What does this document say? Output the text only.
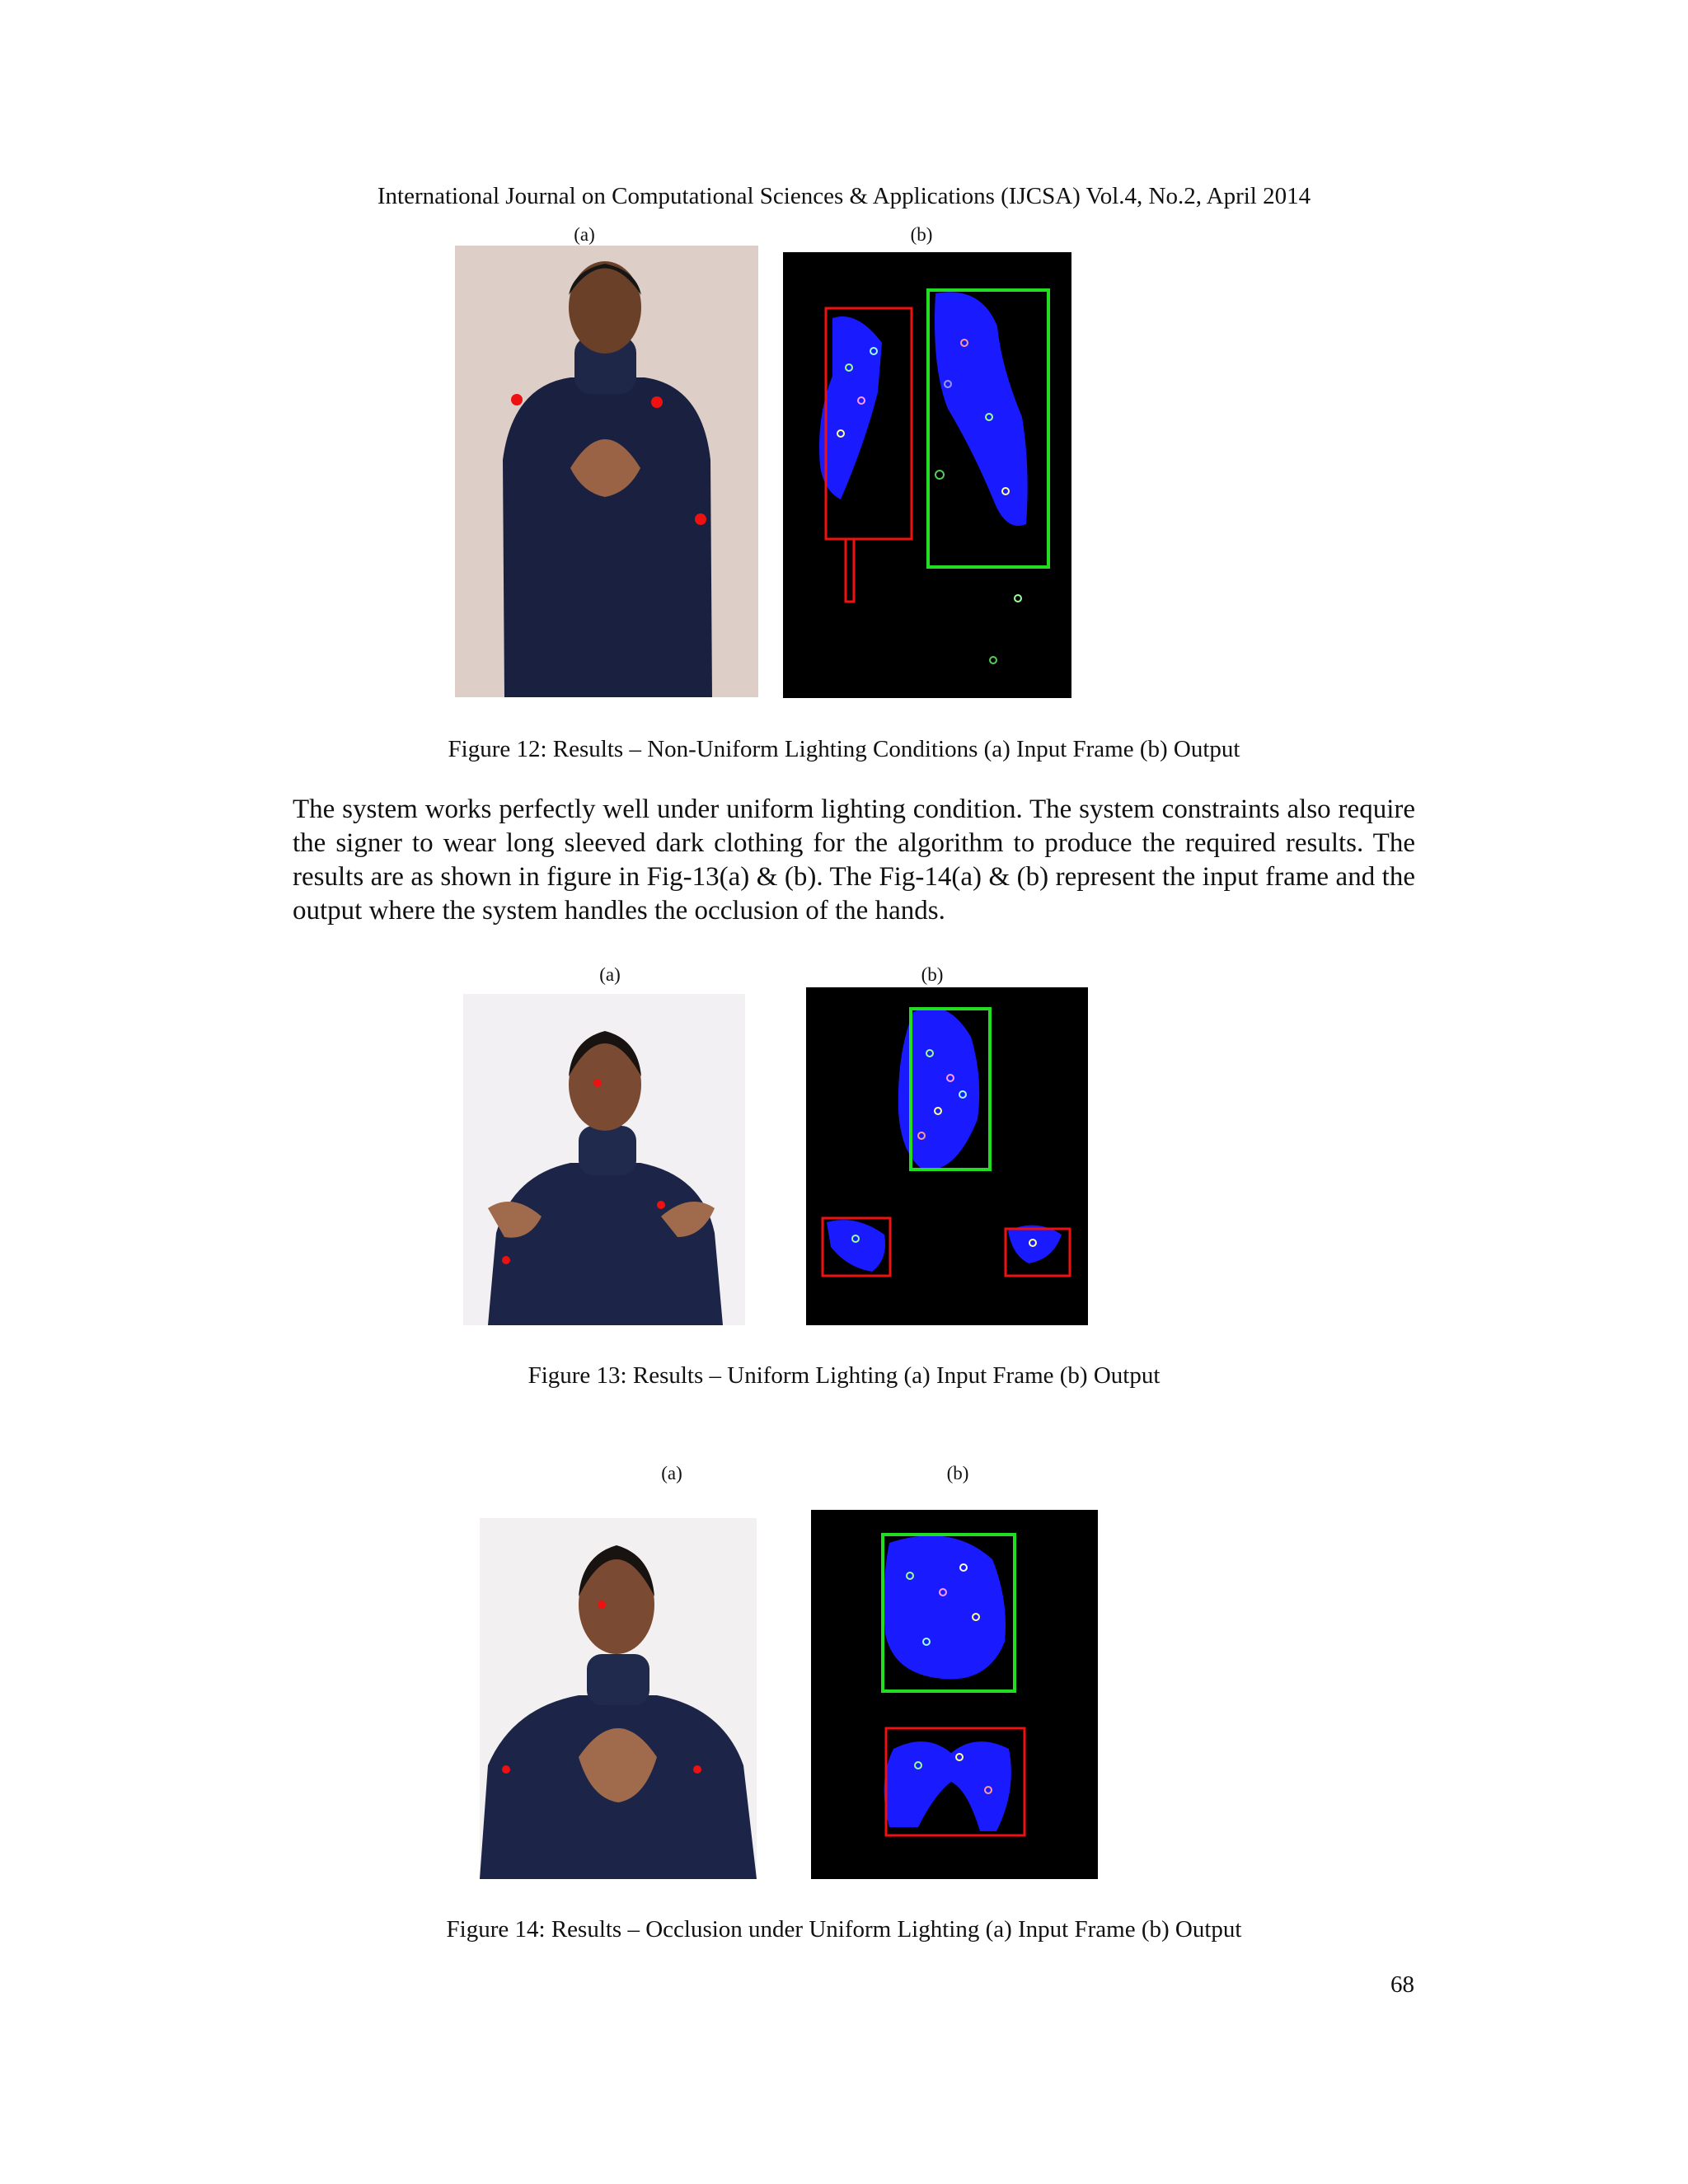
International Journal on Computational Sciences & Applications (IJCSA) Vol.4, No.2, April 2014
(a)	(b)
Figure 12: Results – Non-Uniform Lighting Conditions (a) Input Frame (b) Output
The system works perfectly well under uniform lighting condition. The system constraints also require the signer to wear long sleeved dark clothing for the algorithm to produce the required results. The results are as shown in figure in Fig-13(a) & (b). The Fig-14(a) & (b) represent the input frame and the output where the system handles the occlusion of the hands.
(a)	(b)
Figure 13: Results – Uniform Lighting (a) Input Frame (b) Output
(a)	(b)
Figure 14: Results – Occlusion under Uniform Lighting (a) Input Frame (b) Output
68
